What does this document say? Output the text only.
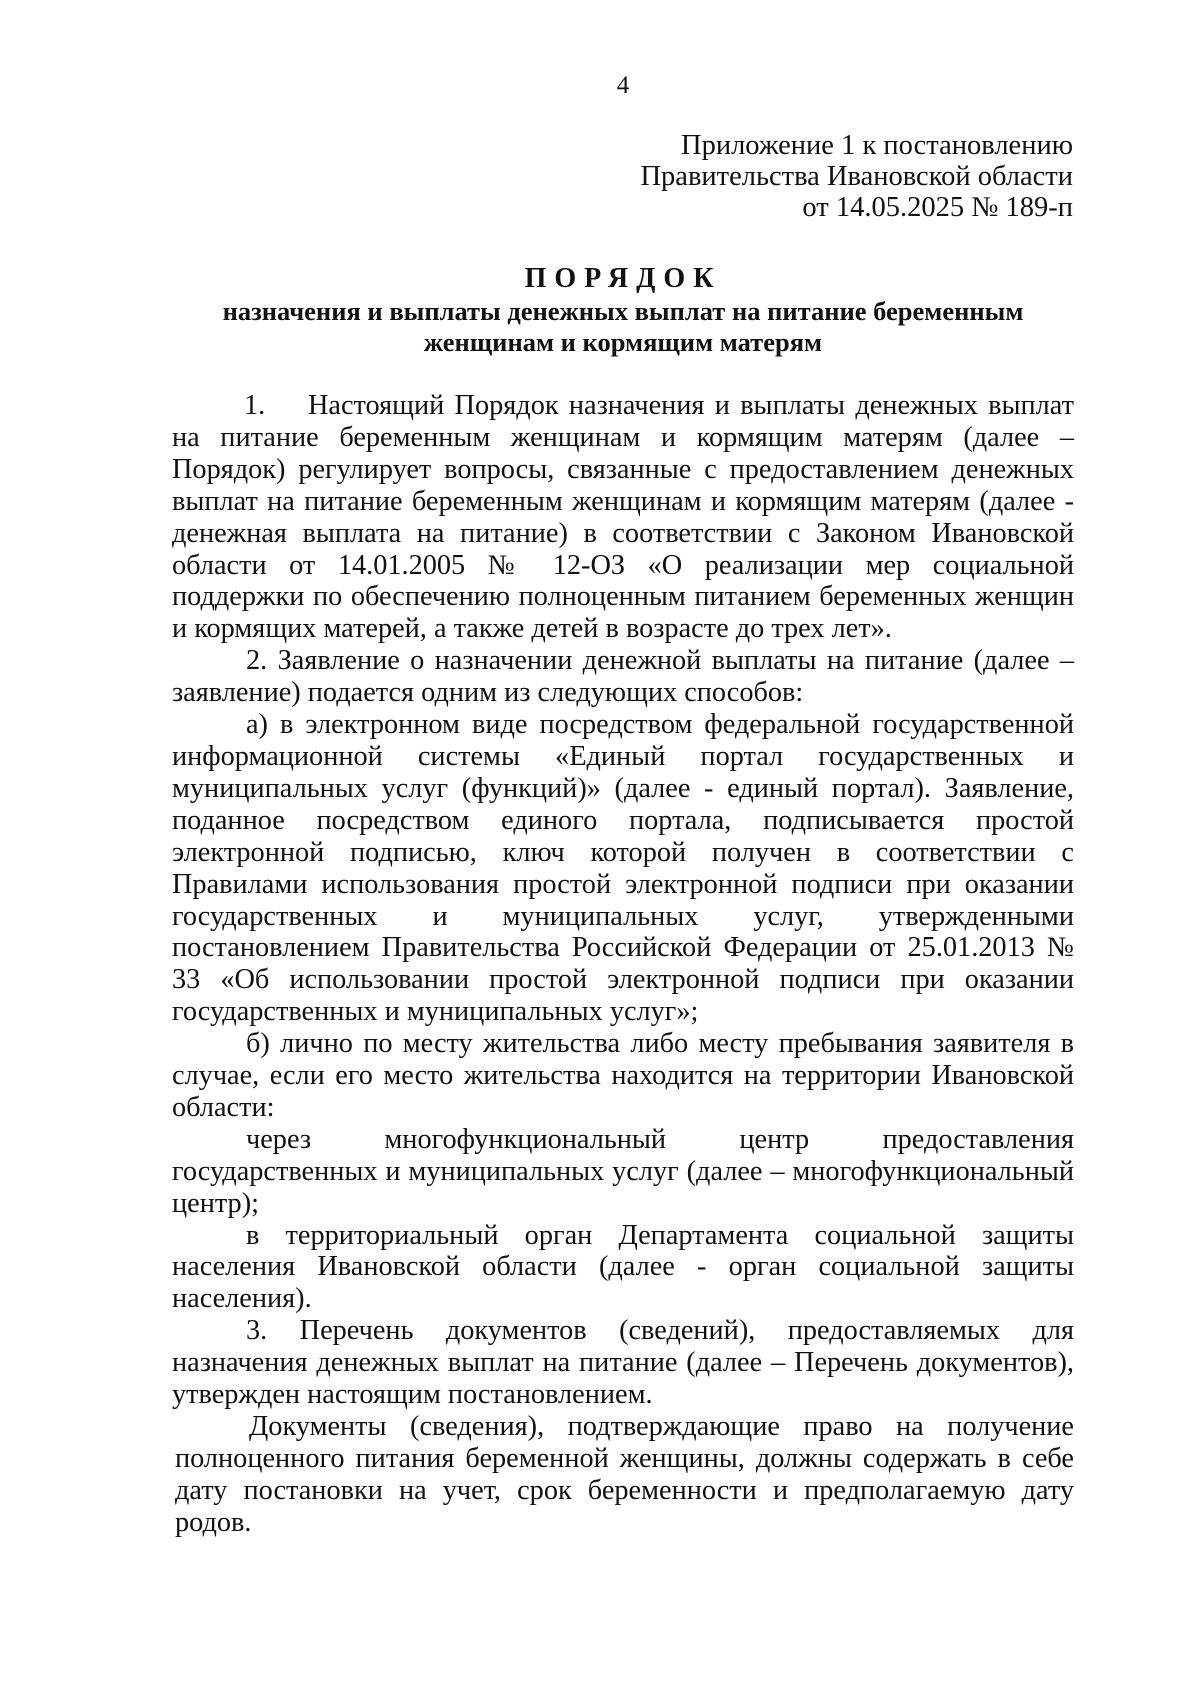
4
Приложение 1 к постановлению
Правительства Ивановской области
от 14.05.2025 № 189-п
ПОРЯДОК
назначения и выплаты денежных выплат на питание беременным
женщинам и кормящим матерям

1. Настоящий Порядок назначения и выплаты денежных выплат на питание беременным женщинам и кормящим матерям (далее – Порядок) регулирует вопросы, связанные с предоставлением денежных выплат на питание беременным женщинам и кормящим матерям (далее - денежная выплата на питание) в соответствии с Законом Ивановской области от 14.01.2005 № 12-ОЗ «О реализации мер социальной поддержки по обеспечению полноценным питанием беременных женщин и кормящих матерей, а также детей в возрасте до трех лет».

2. Заявление о назначении денежной выплаты на питание (далее – заявление) подается одним из следующих способов:

а) в электронном виде посредством федеральной государственной информационной системы «Единый портал государственных и муниципальных услуг (функций)» (далее - единый портал). Заявление, поданное посредством единого портала, подписывается простой электронной подписью, ключ которой получен в соответствии с Правилами использования простой электронной подписи при оказании государственных и муниципальных услуг, утвержденными постановлением Правительства Российской Федерации от 25.01.2013 № 33 «Об использовании простой электронной подписи при оказании государственных и муниципальных услуг»;

б) лично по месту жительства либо месту пребывания заявителя в случае, если его место жительства находится на территории Ивановской области:

через многофункциональный центр предоставления государственных и муниципальных услуг (далее – многофункциональный центр);

в территориальный орган Департамента социальной защиты населения Ивановской области (далее - орган социальной защиты населения).

3. Перечень документов (сведений), предоставляемых для назначения денежных выплат на питание (далее – Перечень документов), утвержден настоящим постановлением.

Документы (сведения), подтверждающие право на получение полноценного питания беременной женщины, должны содержать в себе дату постановки на учет, срок беременности и предполагаемую дату родов.
